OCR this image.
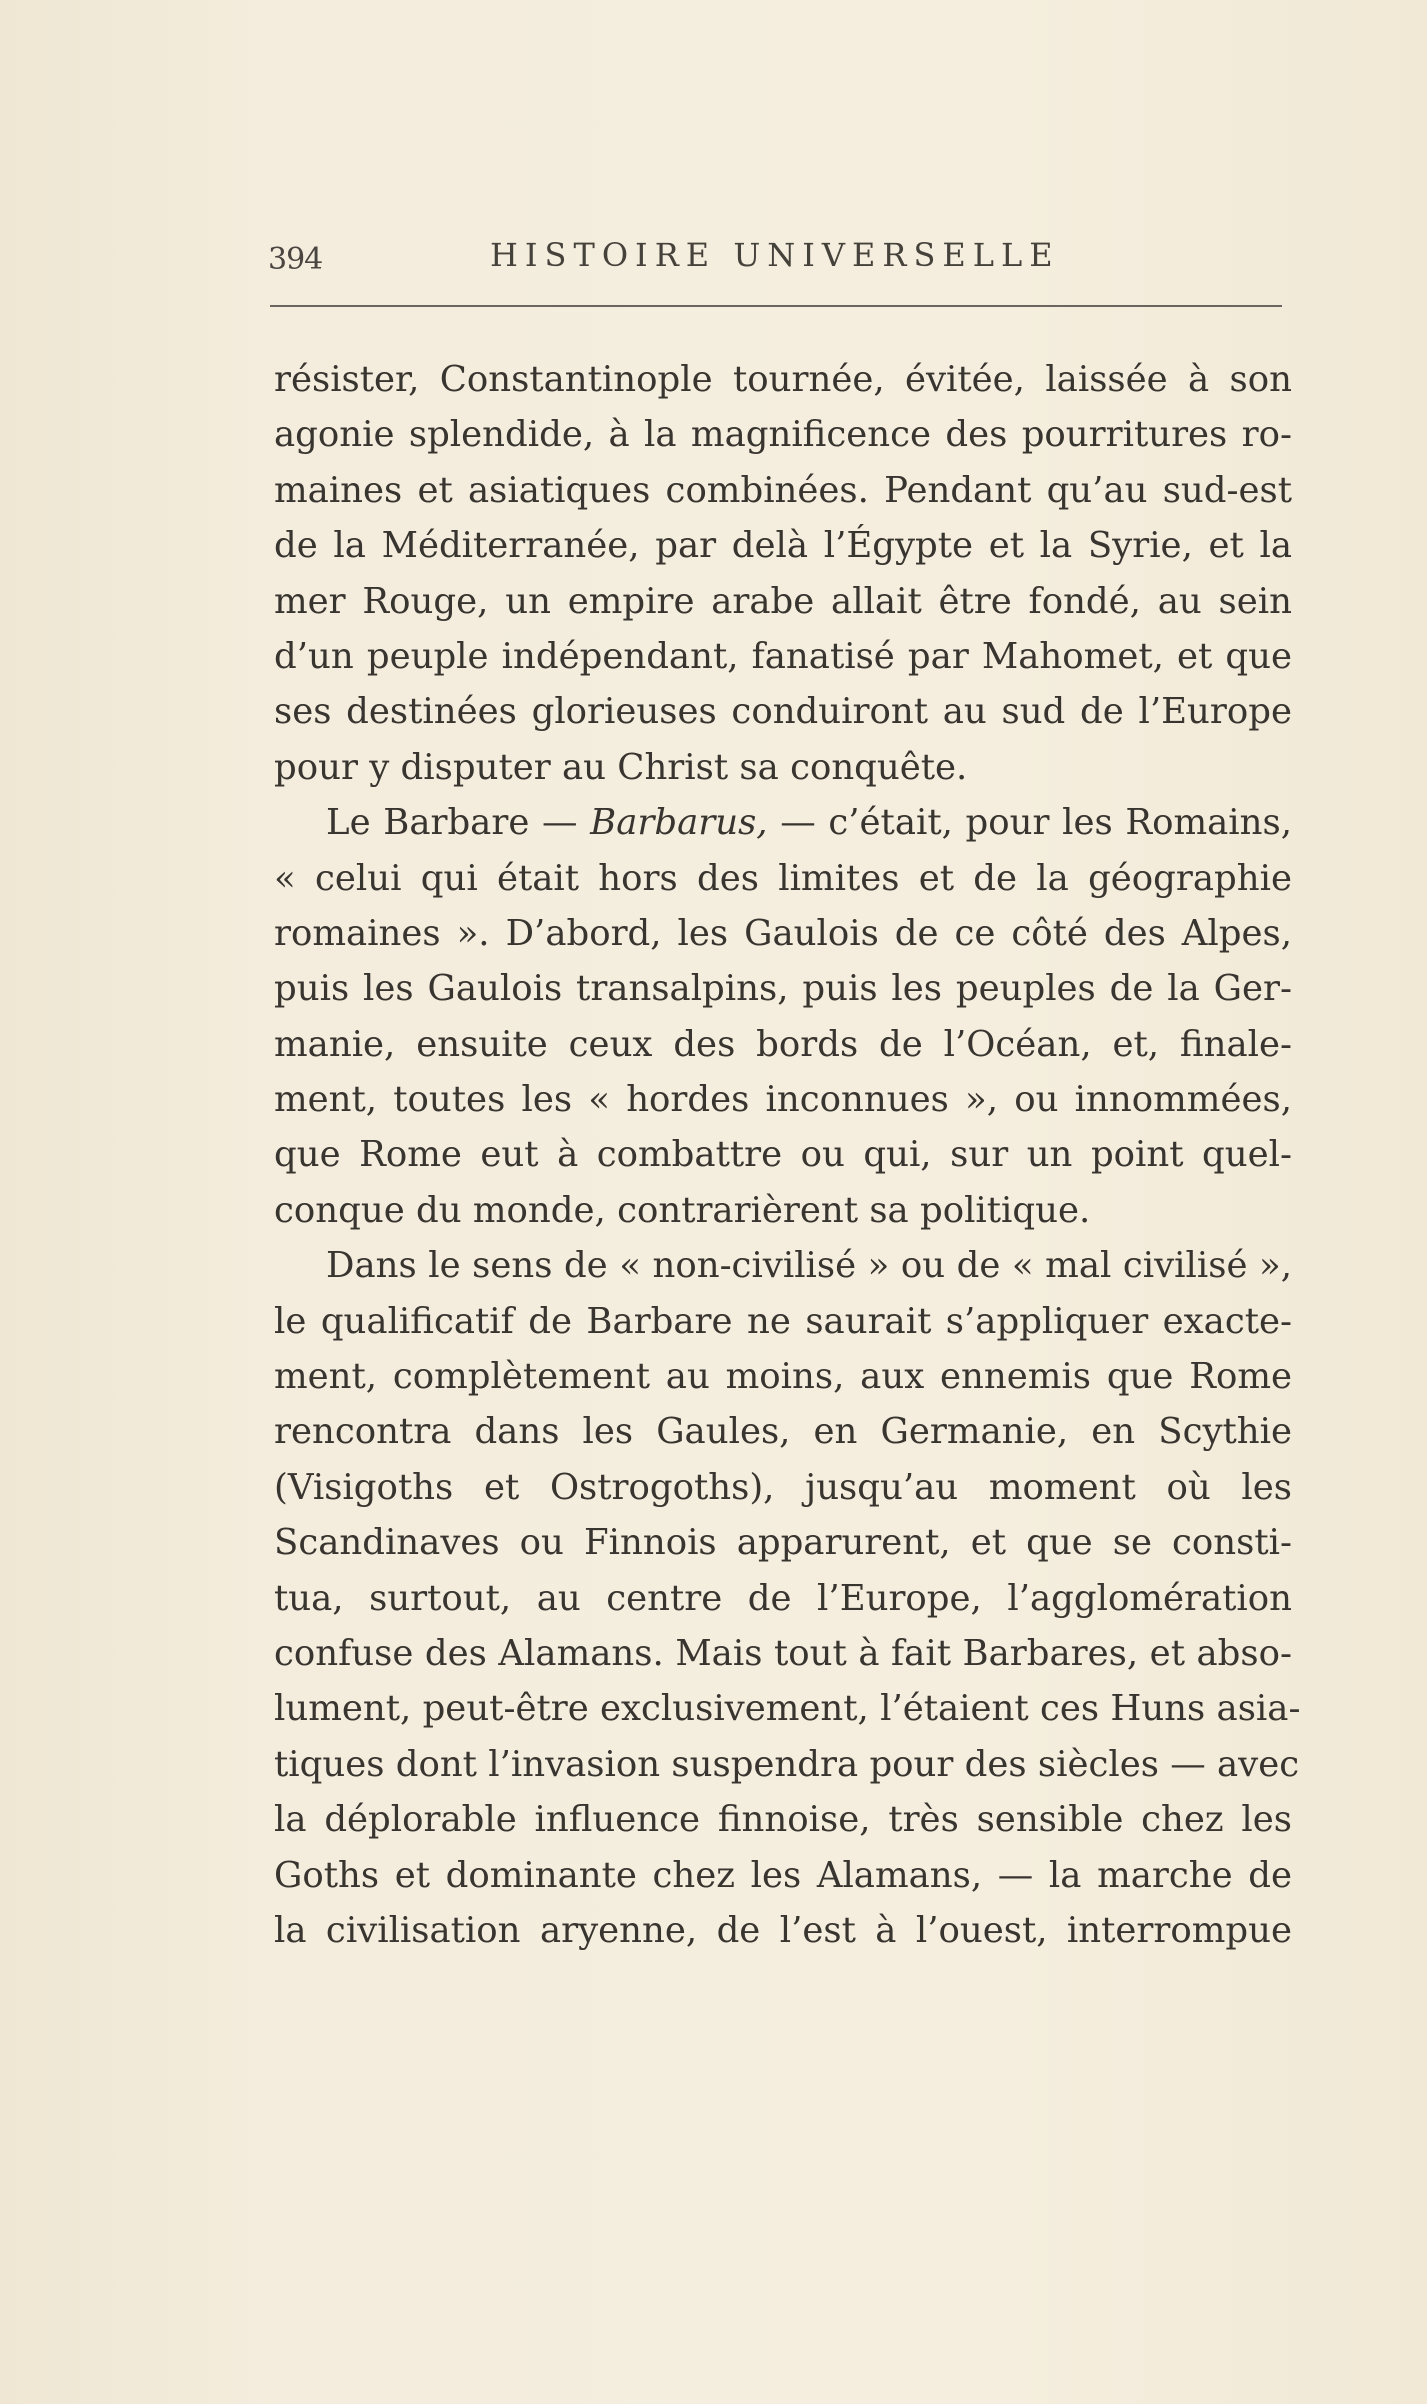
394	HISTOIRE UNIVERSELLE
résister, Constantinople tournée, évitée, laissée à son
agonie splendide, à la magnificence des pourritures ro-
maines et asiatiques combinées. Pendant qu’au sud-est
de la Méditerranée, par delà l’Égypte et la Syrie, et la
mer Rouge, un empire arabe allait être fondé, au sein
d’un peuple indépendant, fanatisé par Mahomet, et que
ses destinées glorieuses conduiront au sud de l’Europe
pour y disputer au Christ sa conquête.
Le Barbare — Barbarus, — c’était, pour les Romains,
« celui qui était hors des limites et de la géographie
romaines ». D’abord, les Gaulois de ce côté des Alpes,
puis les Gaulois transalpins, puis les peuples de la Ger-
manie, ensuite ceux des bords de l’Océan, et, finale-
ment, toutes les « hordes inconnues », ou innommées,
que Rome eut à combattre ou qui, sur un point quel-
conque du monde, contrarièrent sa politique.
Dans le sens de « non-civilisé » ou de « mal civilisé »,
le qualificatif de Barbare ne saurait s’appliquer exacte-
ment, complètement au moins, aux ennemis que Rome
rencontra dans les Gaules, en Germanie, en Scythie
(Visigoths et Ostrogoths), jusqu’au moment où les
Scandinaves ou Finnois apparurent, et que se consti-
tua, surtout, au centre de l’Europe, l’agglomération
confuse des Alamans. Mais tout à fait Barbares, et abso-
lument, peut-être exclusivement, l’étaient ces Huns asia-
tiques dont l’invasion suspendra pour des siècles — avec
la déplorable influence finnoise, très sensible chez les
Goths et dominante chez les Alamans, — la marche de
la civilisation aryenne, de l’est à l’ouest, interrompue
